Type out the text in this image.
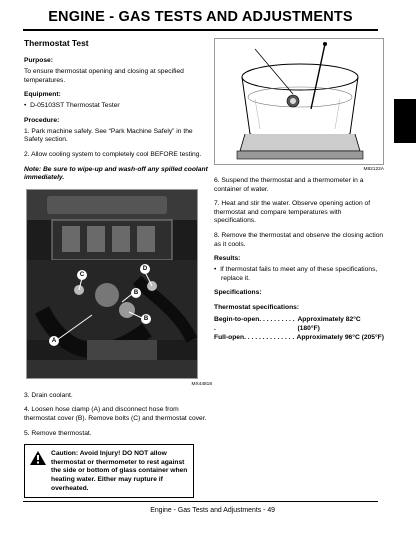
ENGINE - GAS TESTS AND ADJUSTMENTS
Thermostat Test
Purpose:
To ensure thermostat opening and closing at specified temperatures.
Equipment:
•  D-05103ST Thermostat Tester
Procedure:
1. Park machine safely. See “Park Machine Safely” in the Safety section.
2. Allow cooling system to completely cool BEFORE testing.
Note: Be sure to wipe-up and wash-off any spilled coolant immediately.
A
C
D
B
B
MX44818
3. Drain coolant.
4. Loosen hose clamp (A) and disconnect hose from thermostat cover (B). Remove bolts (C) and thermostat cover.
5. Remove thermostat.
Caution: Avoid Injury! DO NOT allow thermostat or thermometer to rest against the side or bottom of glass container when heating water. Either may rupture if overheated.
M82122A
6. Suspend the thermostat and a thermometer in a container of water.
7. Heat and stir the water. Observe opening action of thermostat and compare temperatures with specifications.
8. Remove the thermostat and observe the closing action as it cools.
Results:
•  If thermostat fails to meet any of these specifications, replace it.
Specifications:
Thermostat specifications:
Begin-to-open. . . . . . . . . . .
Approximately 82°C (180°F)
Full-open. . . . . . . . . . . . . . Approximately 96°C (205°F)
Engine - Gas Tests and Adjustments - 49
